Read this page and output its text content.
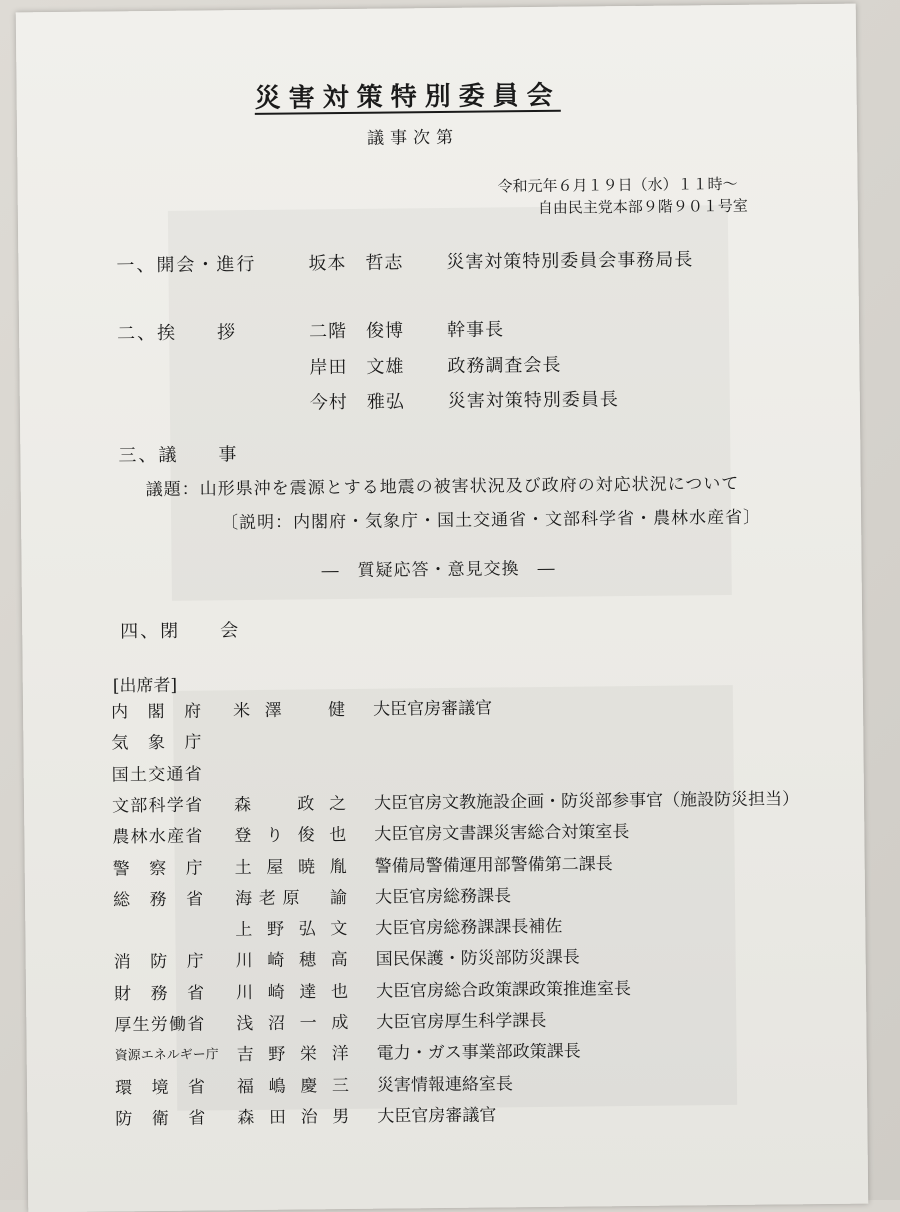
災害対策特別委員会
議事次第
令和元年６月１９日（水）１１時～
自由民主党本部９階９０１号室
一、開会・進行	坂本　哲志 災害対策特別委員会事務局長
二、挨　　拶	二階　俊博 幹事長
岸田　文雄 政務調査会長
今村　雅弘 災害対策特別委員長
三、議　　事
議題：山形県沖を震源とする地震の被害状況及び政府の対応状況について
〔説明：内閣府・気象庁・国土交通省・文部科学省・農林水産省〕
―　質疑応答・意見交換　―
四、閉　　会
[出席者]
内閣府 米澤　健 大臣官房審議官
気象庁
国土交通省
文部科学省 森　政之 大臣官房文教施設企画・防災部参事官（施設防災担当）
農林水産省 登り俊也 大臣官房文書課災害総合対策室長
警察庁 土屋暁胤 警備局警備運用部警備第二課長
総務省 海老原　諭 大臣官房総務課長
上野弘文 大臣官房総務課課長補佐
消防庁 川崎穂高 国民保護・防災部防災課長
財務省 川崎達也 大臣官房総合政策課政策推進室長
厚生労働省 浅沼一成 大臣官房厚生科学課長
資源エネルギー庁 吉野栄洋 電力・ガス事業部政策課長
環境省 福嶋慶三 災害情報連絡室長
防衛省 森田治男 大臣官房審議官
